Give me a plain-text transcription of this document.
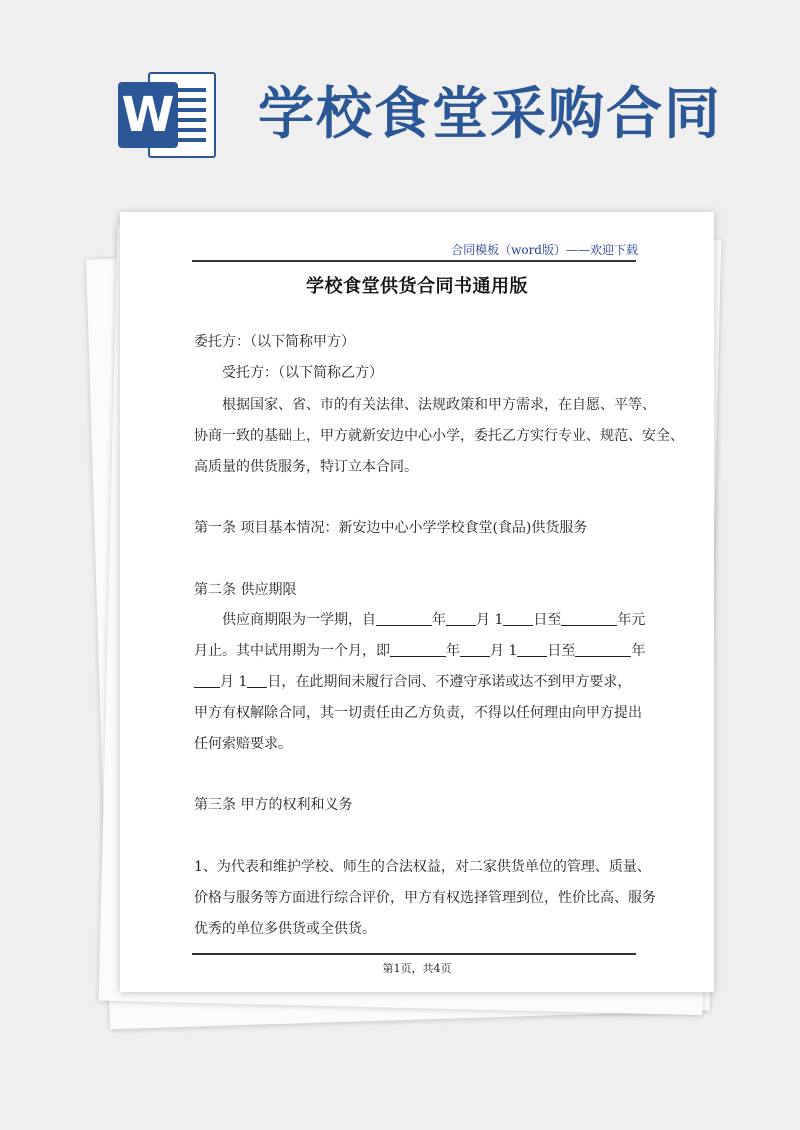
W 学校食堂采购合同
合同模板（word版）——欢迎下载
学校食堂供货合同书通用版
委托方：（以下简称甲方）
受托方：（以下简称乙方）
根据国家、省、市的有关法律、法规政策和甲方需求，在自愿、平等、
协商一致的基础上，甲方就新安边中心小学，委托乙方实行专业、规范、安全、
高质量的供货服务，特订立本合同。
第一条 项目基本情况：新安边中心小学学校食堂(食品)供货服务
第二条 供应期限
供应商期限为一学期，自	年 月 1 日至	年元
月止。其中试用期为一个月，即	年 月 1 日至	年
月 1 日，在此期间未履行合同、不遵守承诺或达不到甲方要求，
甲方有权解除合同，其一切责任由乙方负责，不得以任何理由向甲方提出
任何索赔要求。
第三条 甲方的权利和义务
1、为代表和维护学校、师生的合法权益，对二家供货单位的管理、质量、
价格与服务等方面进行综合评价，甲方有权选择管理到位，性价比高、服务
优秀的单位多供货或全供货。
第1页，共4页
